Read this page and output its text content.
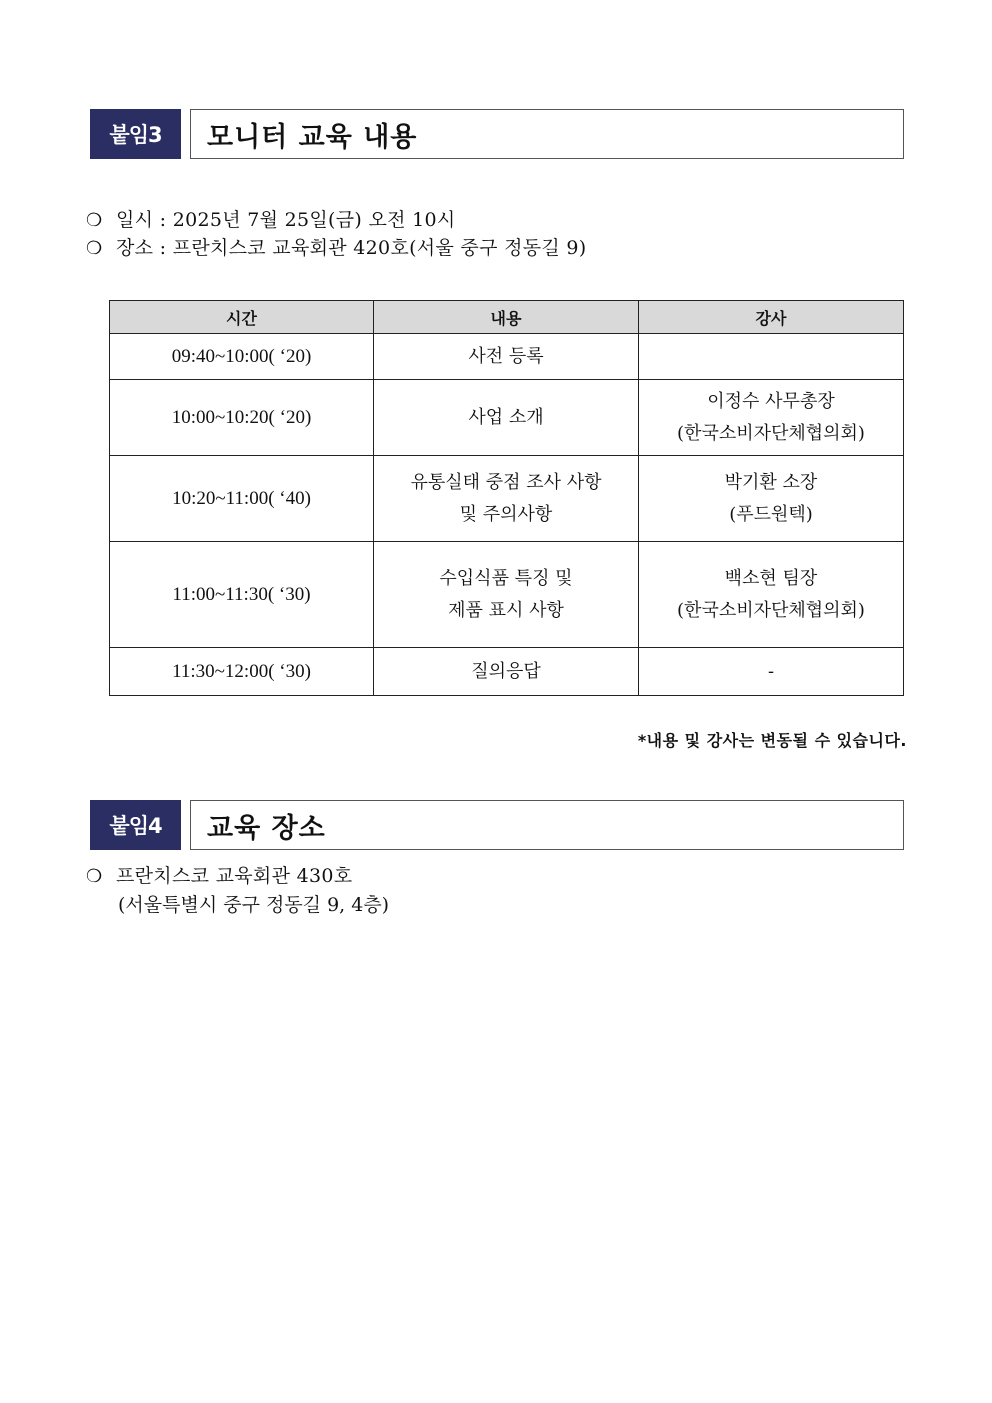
붙임3	모니터 교육 내용
❍ 일시 : 2025년 7월 25일(금) 오전 10시
❍ 장소 : 프란치스코 교육회관 420호(서울 중구 정동길 9)
시간	내용	강사
09:40~10:00( ‘20)	사전 등록	

10:00~10:20( ‘20)	사업 소개	이정수 사무총장
(한국소비자단체협의회)

10:20~11:00( ‘40)	유통실태 중점 조사 사항
및 주의사항	박기환 소장
(푸드원텍)

11:00~11:30( ‘30)	수입식품 특징 및
제품 표시 사항	백소현 팀장
(한국소비자단체협의회)

11:30~12:00( ‘30)	질의응답	-
*내용 및 강사는 변동될 수 있습니다.
붙임4	교육 장소
❍ 프란치스코 교육회관 430호
(서울특별시 중구 정동길 9, 4층)
